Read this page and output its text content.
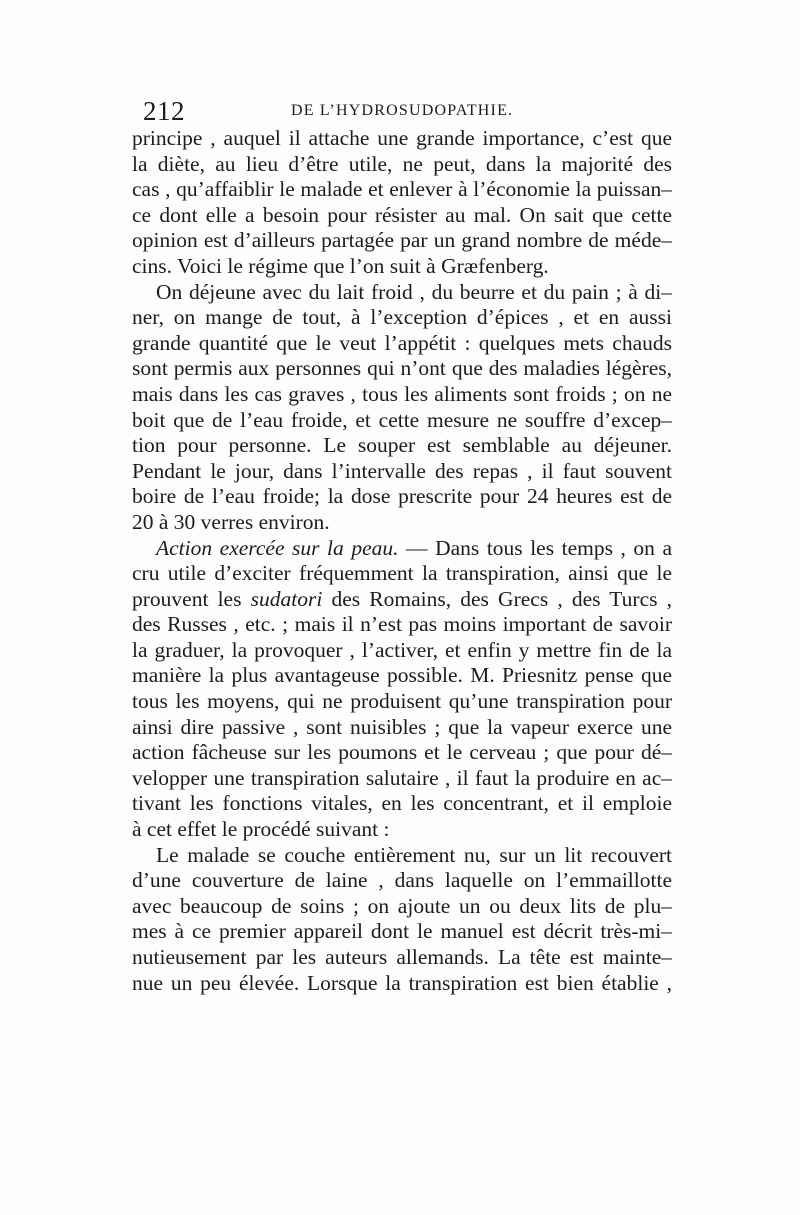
212	DE L’HYDROSUDOPATHIE.
principe , auquel il attache une grande importance, c’est que
la diète, au lieu d’être utile, ne peut, dans la majorité des
cas , qu’affaiblir le malade et enlever à l’économie la puissan–
ce dont elle a besoin pour résister au mal. On sait que cette
opinion est d’ailleurs partagée par un grand nombre de méde–
cins. Voici le régime que l’on suit à Græfenberg.
On déjeune avec du lait froid , du beurre et du pain ; à di–
ner, on mange de tout, à l’exception d’épices , et en aussi
grande quantité que le veut l’appétit : quelques mets chauds
sont permis aux personnes qui n’ont que des maladies légères,
mais dans les cas graves , tous les aliments sont froids ; on ne
boit que de l’eau froide, et cette mesure ne souffre d’excep–
tion pour personne. Le souper est semblable au déjeuner.
Pendant le jour, dans l’intervalle des repas , il faut souvent
boire de l’eau froide; la dose prescrite pour 24 heures est de
20 à 30 verres environ.
Action exercée sur la peau. — Dans tous les temps , on a
cru utile d’exciter fréquemment la transpiration, ainsi que le
prouvent les sudatori des Romains, des Grecs , des Turcs ,
des Russes , etc. ; mais il n’est pas moins important de savoir
la graduer, la provoquer , l’activer, et enfin y mettre fin de la
manière la plus avantageuse possible. M. Priesnitz pense que
tous les moyens, qui ne produisent qu’une transpiration pour
ainsi dire passive , sont nuisibles ; que la vapeur exerce une
action fâcheuse sur les poumons et le cerveau ; que pour dé–
velopper une transpiration salutaire , il faut la produire en ac–
tivant les fonctions vitales, en les concentrant, et il emploie
à cet effet le procédé suivant :
Le malade se couche entièrement nu, sur un lit recouvert
d’une couverture de laine , dans laquelle on l’emmaillotte
avec beaucoup de soins ; on ajoute un ou deux lits de plu–
mes à ce premier appareil dont le manuel est décrit très-mi–
nutieusement par les auteurs allemands. La tête est mainte–
nue un peu élevée. Lorsque la transpiration est bien établie ,
